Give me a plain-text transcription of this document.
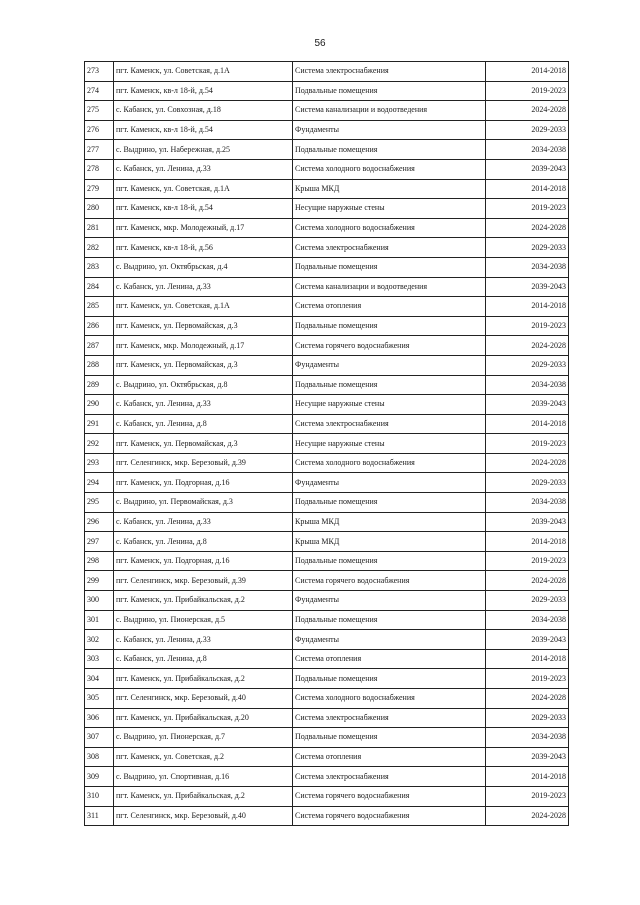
56
273	пгт. Каменск, ул. Советская, д.1А	Система электроснабжения	2014-2018
274	пгт. Каменск, кв-л 18-й, д.54	Подвальные помещения	2019-2023
275	с. Кабанск, ул. Совхозная, д.18	Система канализации и водоотведения	2024-2028
276	пгт. Каменск, кв-л 18-й, д.54	Фундаменты	2029-2033
277	с. Выдрино, ул. Набережная, д.25	Подвальные помещения	2034-2038
278	с. Кабанск, ул. Ленина, д.33	Система холодного водоснабжения	2039-2043
279	пгт. Каменск, ул. Советская, д.1А	Крыша МКД	2014-2018
280	пгт. Каменск, кв-л 18-й, д.54	Несущие наружные стены	2019-2023
281	пгт. Каменск, мкр. Молодежный, д.17	Система холодного водоснабжения	2024-2028
282	пгт. Каменск, кв-л 18-й, д.56	Система электроснабжения	2029-2033
283	с. Выдрино, ул. Октябрьская, д.4	Подвальные помещения	2034-2038
284	с. Кабанск, ул. Ленина, д.33	Система канализации и водоотведения	2039-2043
285	пгт. Каменск, ул. Советская, д.1А	Система отопления	2014-2018
286	пгт. Каменск, ул. Первомайская, д.3	Подвальные помещения	2019-2023
287	пгт. Каменск, мкр. Молодежный, д.17	Система горячего водоснабжения	2024-2028
288	пгт. Каменск, ул. Первомайская, д.3	Фундаменты	2029-2033
289	с. Выдрино, ул. Октябрьская, д.8	Подвальные помещения	2034-2038
290	с. Кабанск, ул. Ленина, д.33	Несущие наружные стены	2039-2043
291	с. Кабанск, ул. Ленина, д.8	Система электроснабжения	2014-2018
292	пгт. Каменск, ул. Первомайская, д.3	Несущие наружные стены	2019-2023
293	пгт. Селенгинск, мкр. Березовый, д.39	Система холодного водоснабжения	2024-2028
294	пгт. Каменск, ул. Подгорная, д.16	Фундаменты	2029-2033
295	с. Выдрино, ул. Первомайская, д.3	Подвальные помещения	2034-2038
296	с. Кабанск, ул. Ленина, д.33	Крыша МКД	2039-2043
297	с. Кабанск, ул. Ленина, д.8	Крыша МКД	2014-2018
298	пгт. Каменск, ул. Подгорная, д.16	Подвальные помещения	2019-2023
299	пгт. Селенгинск, мкр. Березовый, д.39	Система горячего водоснабжения	2024-2028
300	пгт. Каменск, ул. Прибайкальская, д.2	Фундаменты	2029-2033
301	с. Выдрино, ул. Пионерская, д.5	Подвальные помещения	2034-2038
302	с. Кабанск, ул. Ленина, д.33	Фундаменты	2039-2043
303	с. Кабанск, ул. Ленина, д.8	Система отопления	2014-2018
304	пгт. Каменск, ул. Прибайкальская, д.2	Подвальные помещения	2019-2023
305	пгт. Селенгинск, мкр. Березовый, д.40	Система холодного водоснабжения	2024-2028
306	пгт. Каменск, ул. Прибайкальская, д.20	Система электроснабжения	2029-2033
307	с. Выдрино, ул. Пионерская, д.7	Подвальные помещения	2034-2038
308	пгт. Каменск, ул. Советская, д.2	Система отопления	2039-2043
309	с. Выдрино, ул. Спортивная, д.16	Система электроснабжения	2014-2018
310	пгт. Каменск, ул. Прибайкальская, д.2	Система горячего водоснабжения	2019-2023
311	пгт. Селенгинск, мкр. Березовый, д.40	Система горячего водоснабжения	2024-2028
